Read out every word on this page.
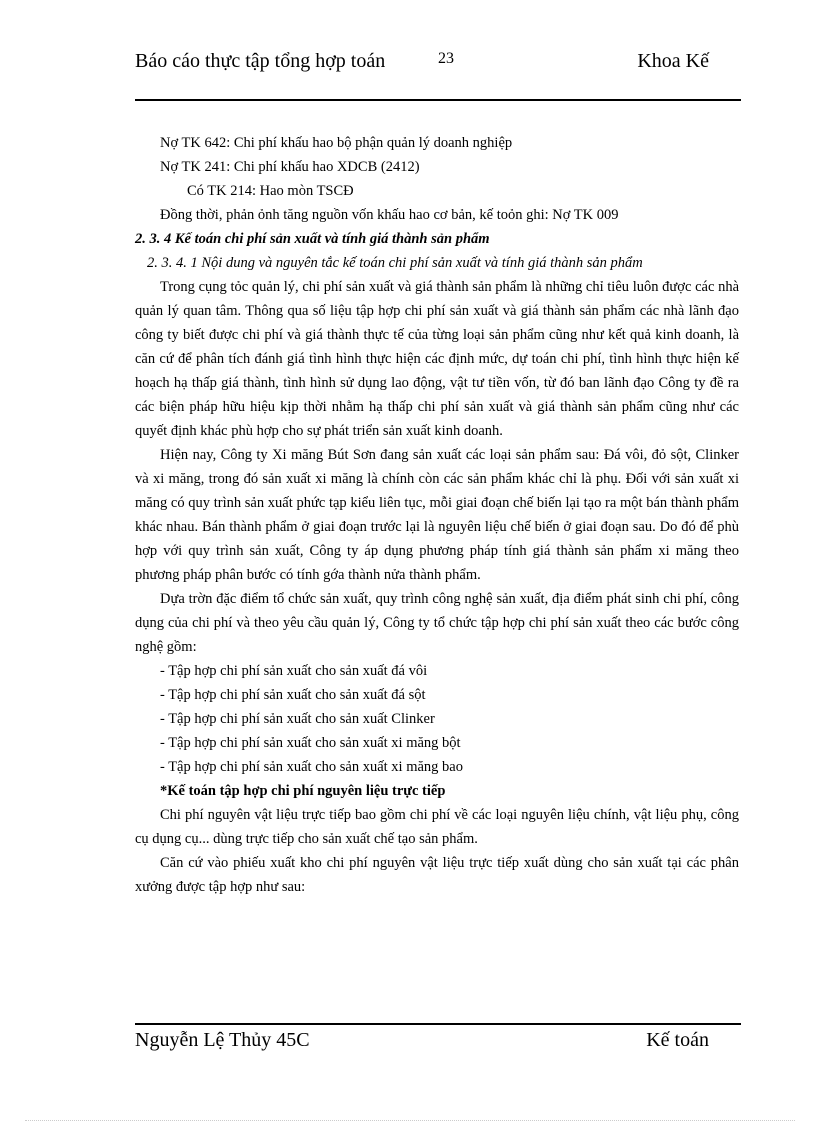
Báo cáo thực tập tổng hợp toán	23	Khoa Kế
Nợ TK 642: Chi phí khấu hao bộ phận quản lý doanh nghiệp
Nợ TK 241: Chi phí khấu hao XDCB (2412)
Có TK 214: Hao mòn TSCĐ
Đồng thời, phản ỏnh tăng nguồn vốn khấu hao cơ bản, kế toỏn ghi: Nợ TK 009
2. 3. 4 Kế toán chi phí sản xuất và tính giá thành sản phẩm

2. 3. 4. 1 Nội dung và nguyên tắc kế toán chi phí sản xuất và tính giá thành sản phẩm

Trong cụng tỏc quản lý, chi phí sản xuất và giá thành sản phẩm là những chỉ tiêu luôn được các nhà quản lý quan tâm. Thông qua số liệu tập hợp chi phí sản xuất và giá thành sản phẩm các nhà lãnh đạo công ty biết được chi phí và giá thành thực tế của từng loại sản phẩm cũng như kết quả kinh doanh, là căn cứ để phân tích đánh giá tình hình thực hiện các định mức, dự toán chi phí, tình hình thực hiện kế hoạch hạ thấp giá thành, tình hình sử dụng lao động, vật tư tiền vốn, từ đó ban lãnh đạo Công ty đề ra các biện pháp hữu hiệu kịp thời nhằm hạ thấp chi phí sản xuất và giá thành sản phẩm cũng như các quyết định khác phù hợp cho sự phát triển sản xuất kinh doanh.

Hiện nay, Công ty Xi măng Bút Sơn đang sản xuất các loại sản phẩm sau: Đá vôi, đỏ sột, Clinker và xi măng, trong đó sản xuất xi măng là chính còn các sản phẩm khác chỉ là phụ. Đối với sản xuất xi măng có quy trình sản xuất phức tạp kiểu liên tục, mỗi giai đoạn chế biến lại tạo ra một bán thành phẩm khác nhau. Bán thành phẩm ở giai đoạn trước lại là nguyên liệu chế biến ở giai đoạn sau. Do đó để phù hợp với quy trình sản xuất, Công ty áp dụng phương pháp tính giá thành sản phẩm xi măng theo phương pháp phân bước có tính gớa thành nửa thành phẩm.

Dựa trờn đặc điểm tổ chức sản xuất, quy trình công nghệ sản xuất, địa điểm phát sinh chi phí, công dụng của chi phí và theo yêu cầu quản lý, Công ty tổ chức tập hợp chi phí sản xuất theo các bước công nghệ gồm:

- Tập hợp chi phí sản xuất cho sản xuất đá vôi
- Tập hợp chi phí sản xuất cho sản xuất đá sột
- Tập hợp chi phí sản xuất cho sản xuất Clinker
- Tập hợp chi phí sản xuất cho sản xuất xi măng bột
- Tập hợp chi phí sản xuất cho sản xuất xi măng bao
*Kế toán tập hợp chi phí nguyên liệu trực tiếp

Chi phí nguyên vật liệu trực tiếp bao gồm chi phí về các loại nguyên liệu chính, vật liệu phụ, công cụ dụng cụ... dùng trực tiếp cho sản xuất chế tạo sản phẩm.

Căn cứ vào phiếu xuất kho chi phí nguyên vật liệu trực tiếp xuất dùng cho sản xuất tại các phân xưởng được tập hợp như sau:

Nguyễn Lệ Thủy 45C	Kế toán
